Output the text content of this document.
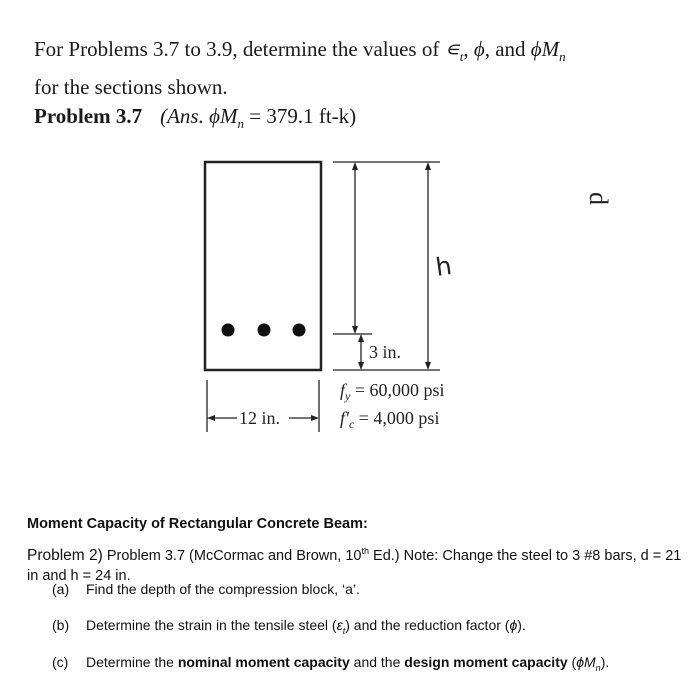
For Problems 3.7 to 3.9, determine the values of $∊_t$, ϕ, and $\phi M_n$
for the sections shown.
Problem 3.7 (Ans. $\phi M_n = 379.1$ ft-k)
d
h
3 in.
12 in.
$f_y = 60,000$ psi
$f'_c = 4,000$ psi
Moment Capacity of Rectangular Concrete Beam:
Problem 2) Problem 3.7 (McCormac and Brown, 10th Ed.) Note: Change the steel to 3 #8 bars, d = 21 in and h = 24 in.
(a) Find the depth of the compression block, ‘a’.
(b) Determine the strain in the tensile steel $(\varepsilon_t)$ and the reduction factor (ϕ).
(c) Determine the nominal moment capacity and the design moment capacity $(\phi M_n)$.
